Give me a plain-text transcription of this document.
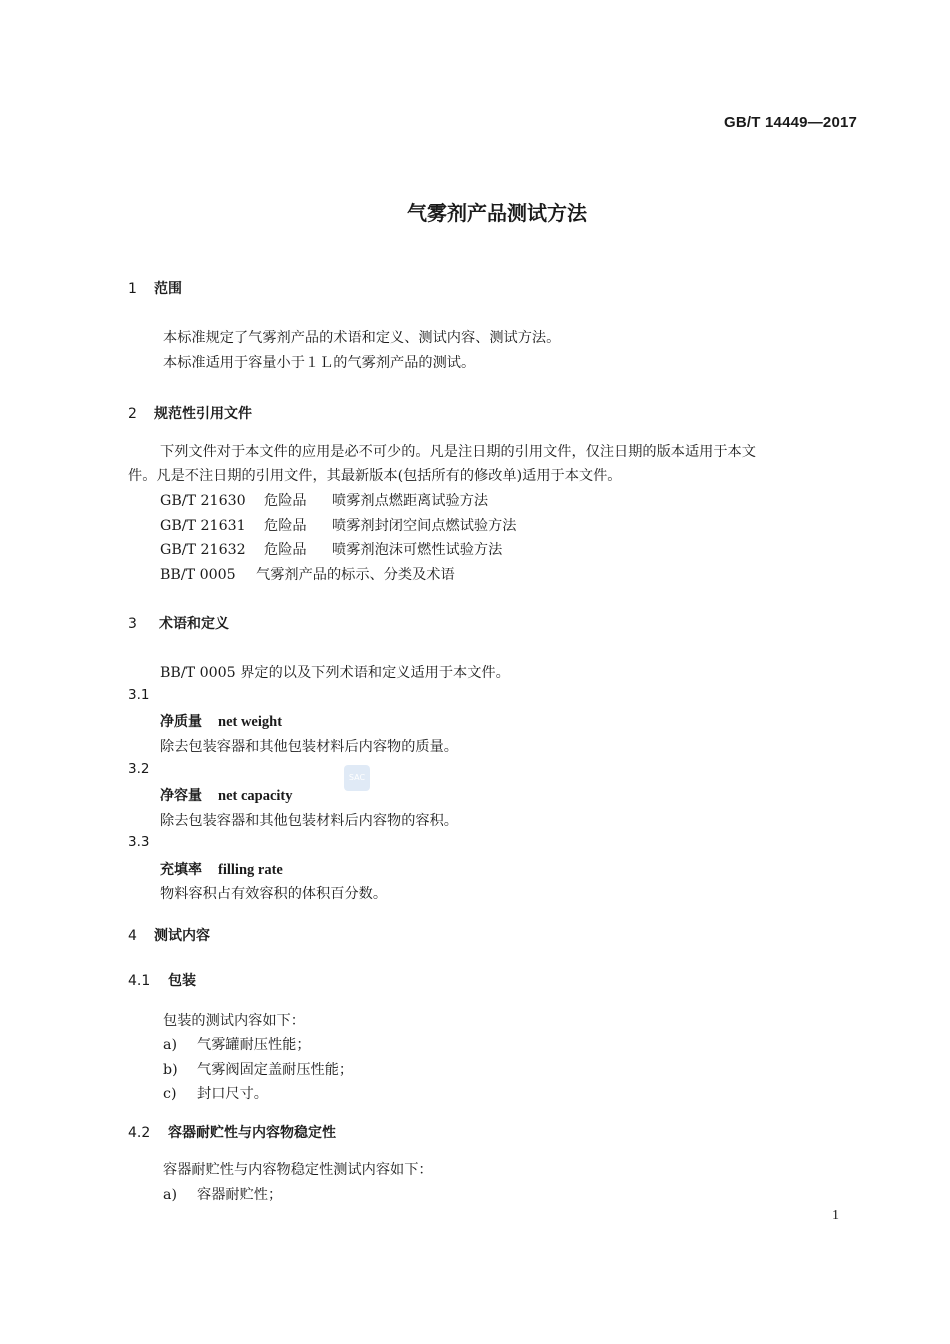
GB/T 14449—2017
气雾剂产品测试方法
1 范围
本标准规定了气雾剂产品的术语和定义、测试内容、测试方法。
本标准适用于容量小于１Ｌ的气雾剂产品的测试。
2 规范性引用文件
下列文件对于本文件的应用是必不可少的。凡是注日期的引用文件，仅注日期的版本适用于本文
件。凡是不注日期的引用文件，其最新版本(包括所有的修改单)适用于本文件。
GB/T 21630 危险品 喷雾剂点燃距离试验方法
GB/T 21631 危险品 喷雾剂封闭空间点燃试验方法
GB/T 21632 危险品 喷雾剂泡沫可燃性试验方法
BB/T 0005 气雾剂产品的标示、分类及术语
3 术语和定义
BB/T 0005 界定的以及下列术语和定义适用于本文件。
3.1
净质量 net weight
除去包装容器和其他包装材料后内容物的质量。
3.2
净容量 net capacity
除去包装容器和其他包装材料后内容物的容积。
3.3
充填率 filling rate
物料容积占有效容积的体积百分数。
SAC
4 测试内容
4.1 包装
包装的测试内容如下：
a) 气雾罐耐压性能；
b) 气雾阀固定盖耐压性能；
c) 封口尺寸。
4.2 容器耐贮性与内容物稳定性
容器耐贮性与内容物稳定性测试内容如下：
a) 容器耐贮性；
1
